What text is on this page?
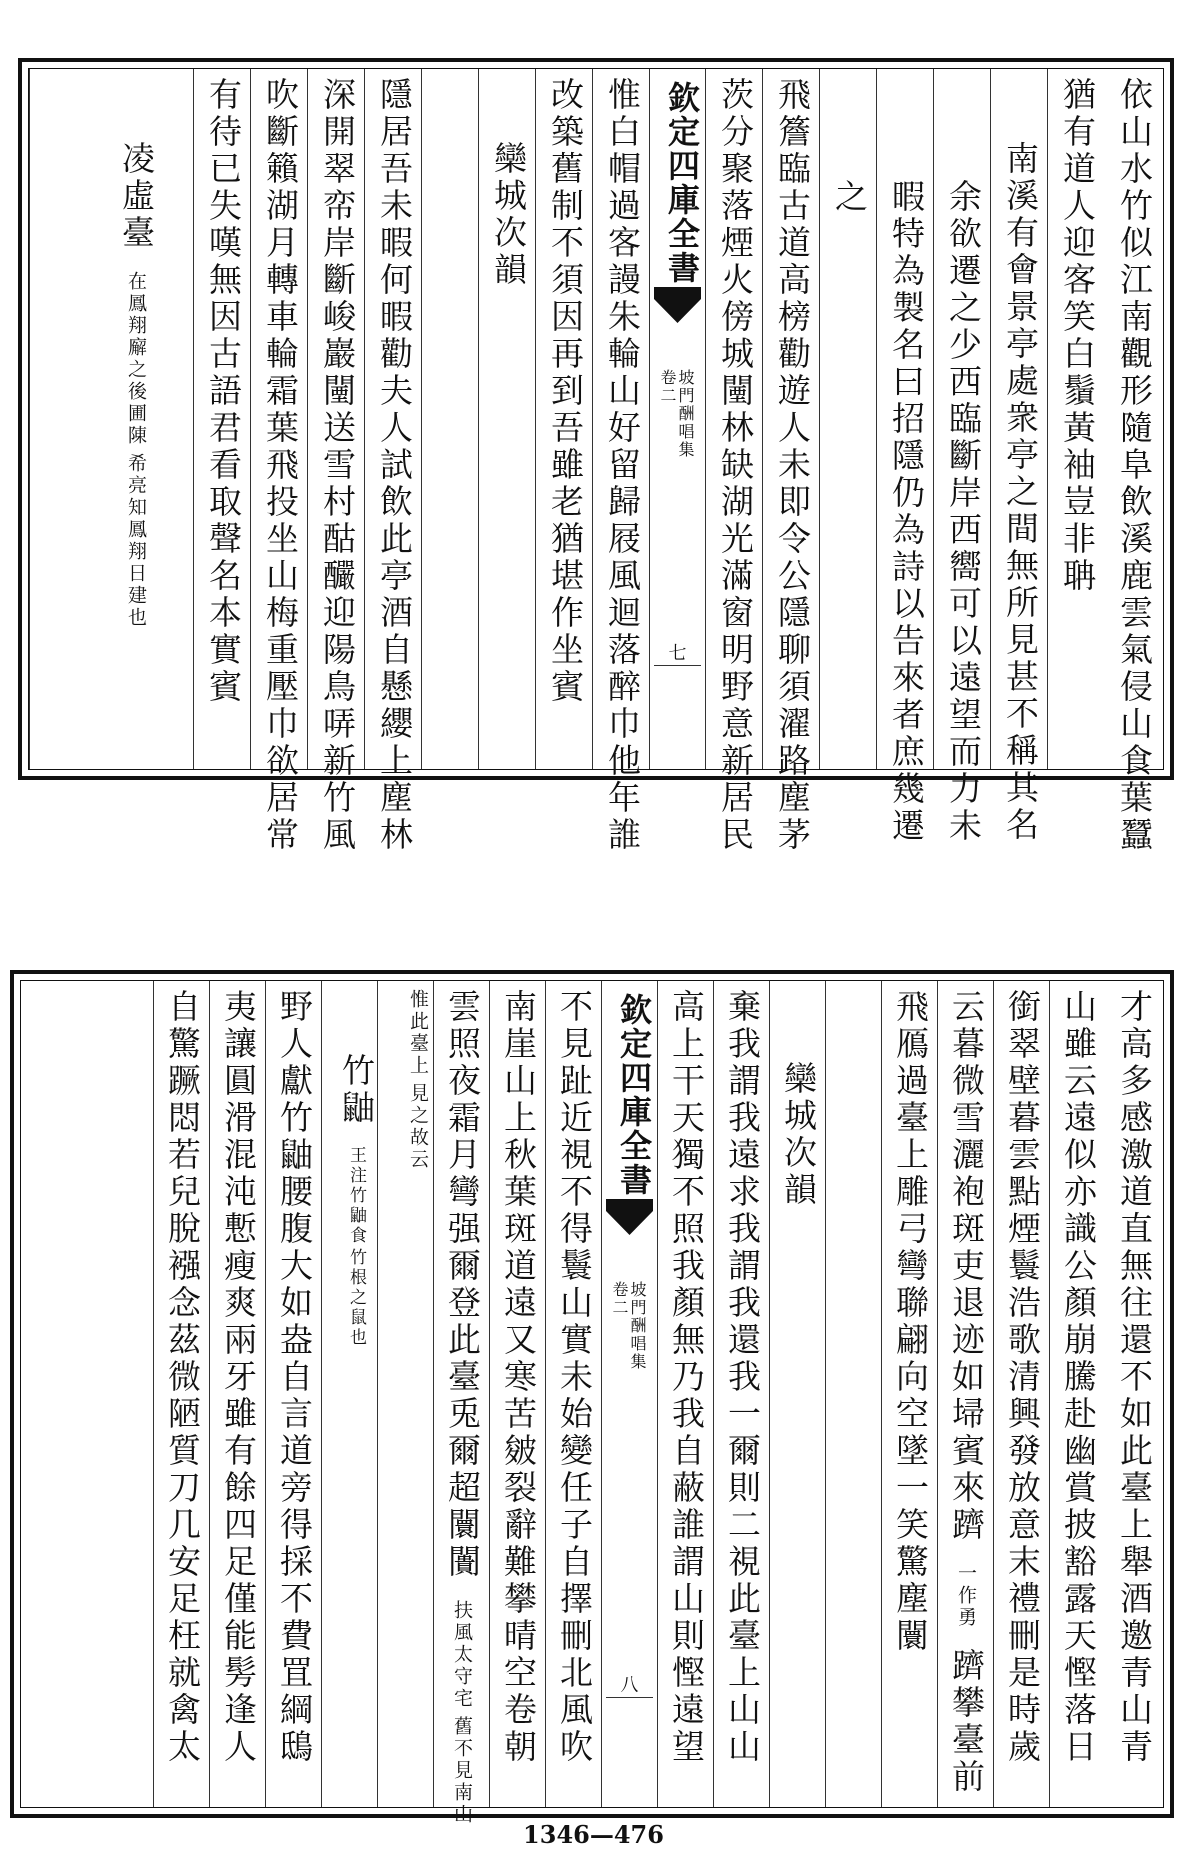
依山水竹似江南觀形隨阜飲溪鹿雲氣侵山食葉蠶
猶有道人迎客笑白鬚黃袖豈非聃
南溪有會景亭處衆亭之間無所見甚不稱其名
余欲遷之少西臨斷岸西嚮可以遠望而力未
暇特為製名曰招隱仍為詩以告來者庶幾遷
之
飛簷臨古道高榜勸遊人未即令公隱聊須濯路塵茅
茨分聚落煙火傍城闉林缺湖光滿窗明野意新居民
欽定四庫全書
坡門酬唱集
卷二
七
惟白帽過客謾朱輪山好留歸屐風迴落醉巾他年誰
改築舊制不須因再到吾雖老猶堪作坐賓
欒城次韻
隱居吾未暇何暇勸夫人試飲此亭酒自懸纓上塵林
深開翠帟岸斷峻巖闉送雪村酤釅迎陽鳥哢新竹風
吹斷籟湖月轉車輪霜葉飛投坐山梅重壓巾欲居常
有待已失嘆無因古語君看取聲名本實賓
凌虛臺
在鳳翔廨之後圃陳
希亮知鳳翔日建也
才高多感激道直無往還不如此臺上舉酒邀青山青
山雖云遠似亦識公顏崩騰赴幽賞披豁露天慳落日
銜翠壁暮雲點煙鬟浩歌清興發放意末禮刪是時歲
云暮微雪灑袍斑吏退迹如埽賓來躋 一作勇 躋攀臺前
飛鴈過臺上雕弓彎聯翩向空墜一笑驚塵闤
欒城次韻
棄我謂我遠求我謂我還我一爾則二視此臺上山山
高上干天獨不照我顏無乃我自蔽誰謂山則慳遠望
欽定四庫全書
坡門酬唱集
卷二
八
不見趾近視不得鬟山實未始變任子自擇刪北風吹
南崖山上秋葉斑道遠又寒苦皴裂辭難攀晴空卷朝
雲照夜霜月彎强爾登此臺兎爾超闤闠
扶風太守宅
舊不見南山
惟此臺上
見之故云
竹鼬
王注竹鼬食
竹根之鼠也
野人獻竹鼬腰腹大如盎自言道旁得採不費罝綱鴟
夷讓圓滑混沌慙瘦爽兩牙雖有餘四足僅能髣逢人
自驚蹶悶若兒脫襁念茲微陋質刀几安足枉就禽太
1346—476
